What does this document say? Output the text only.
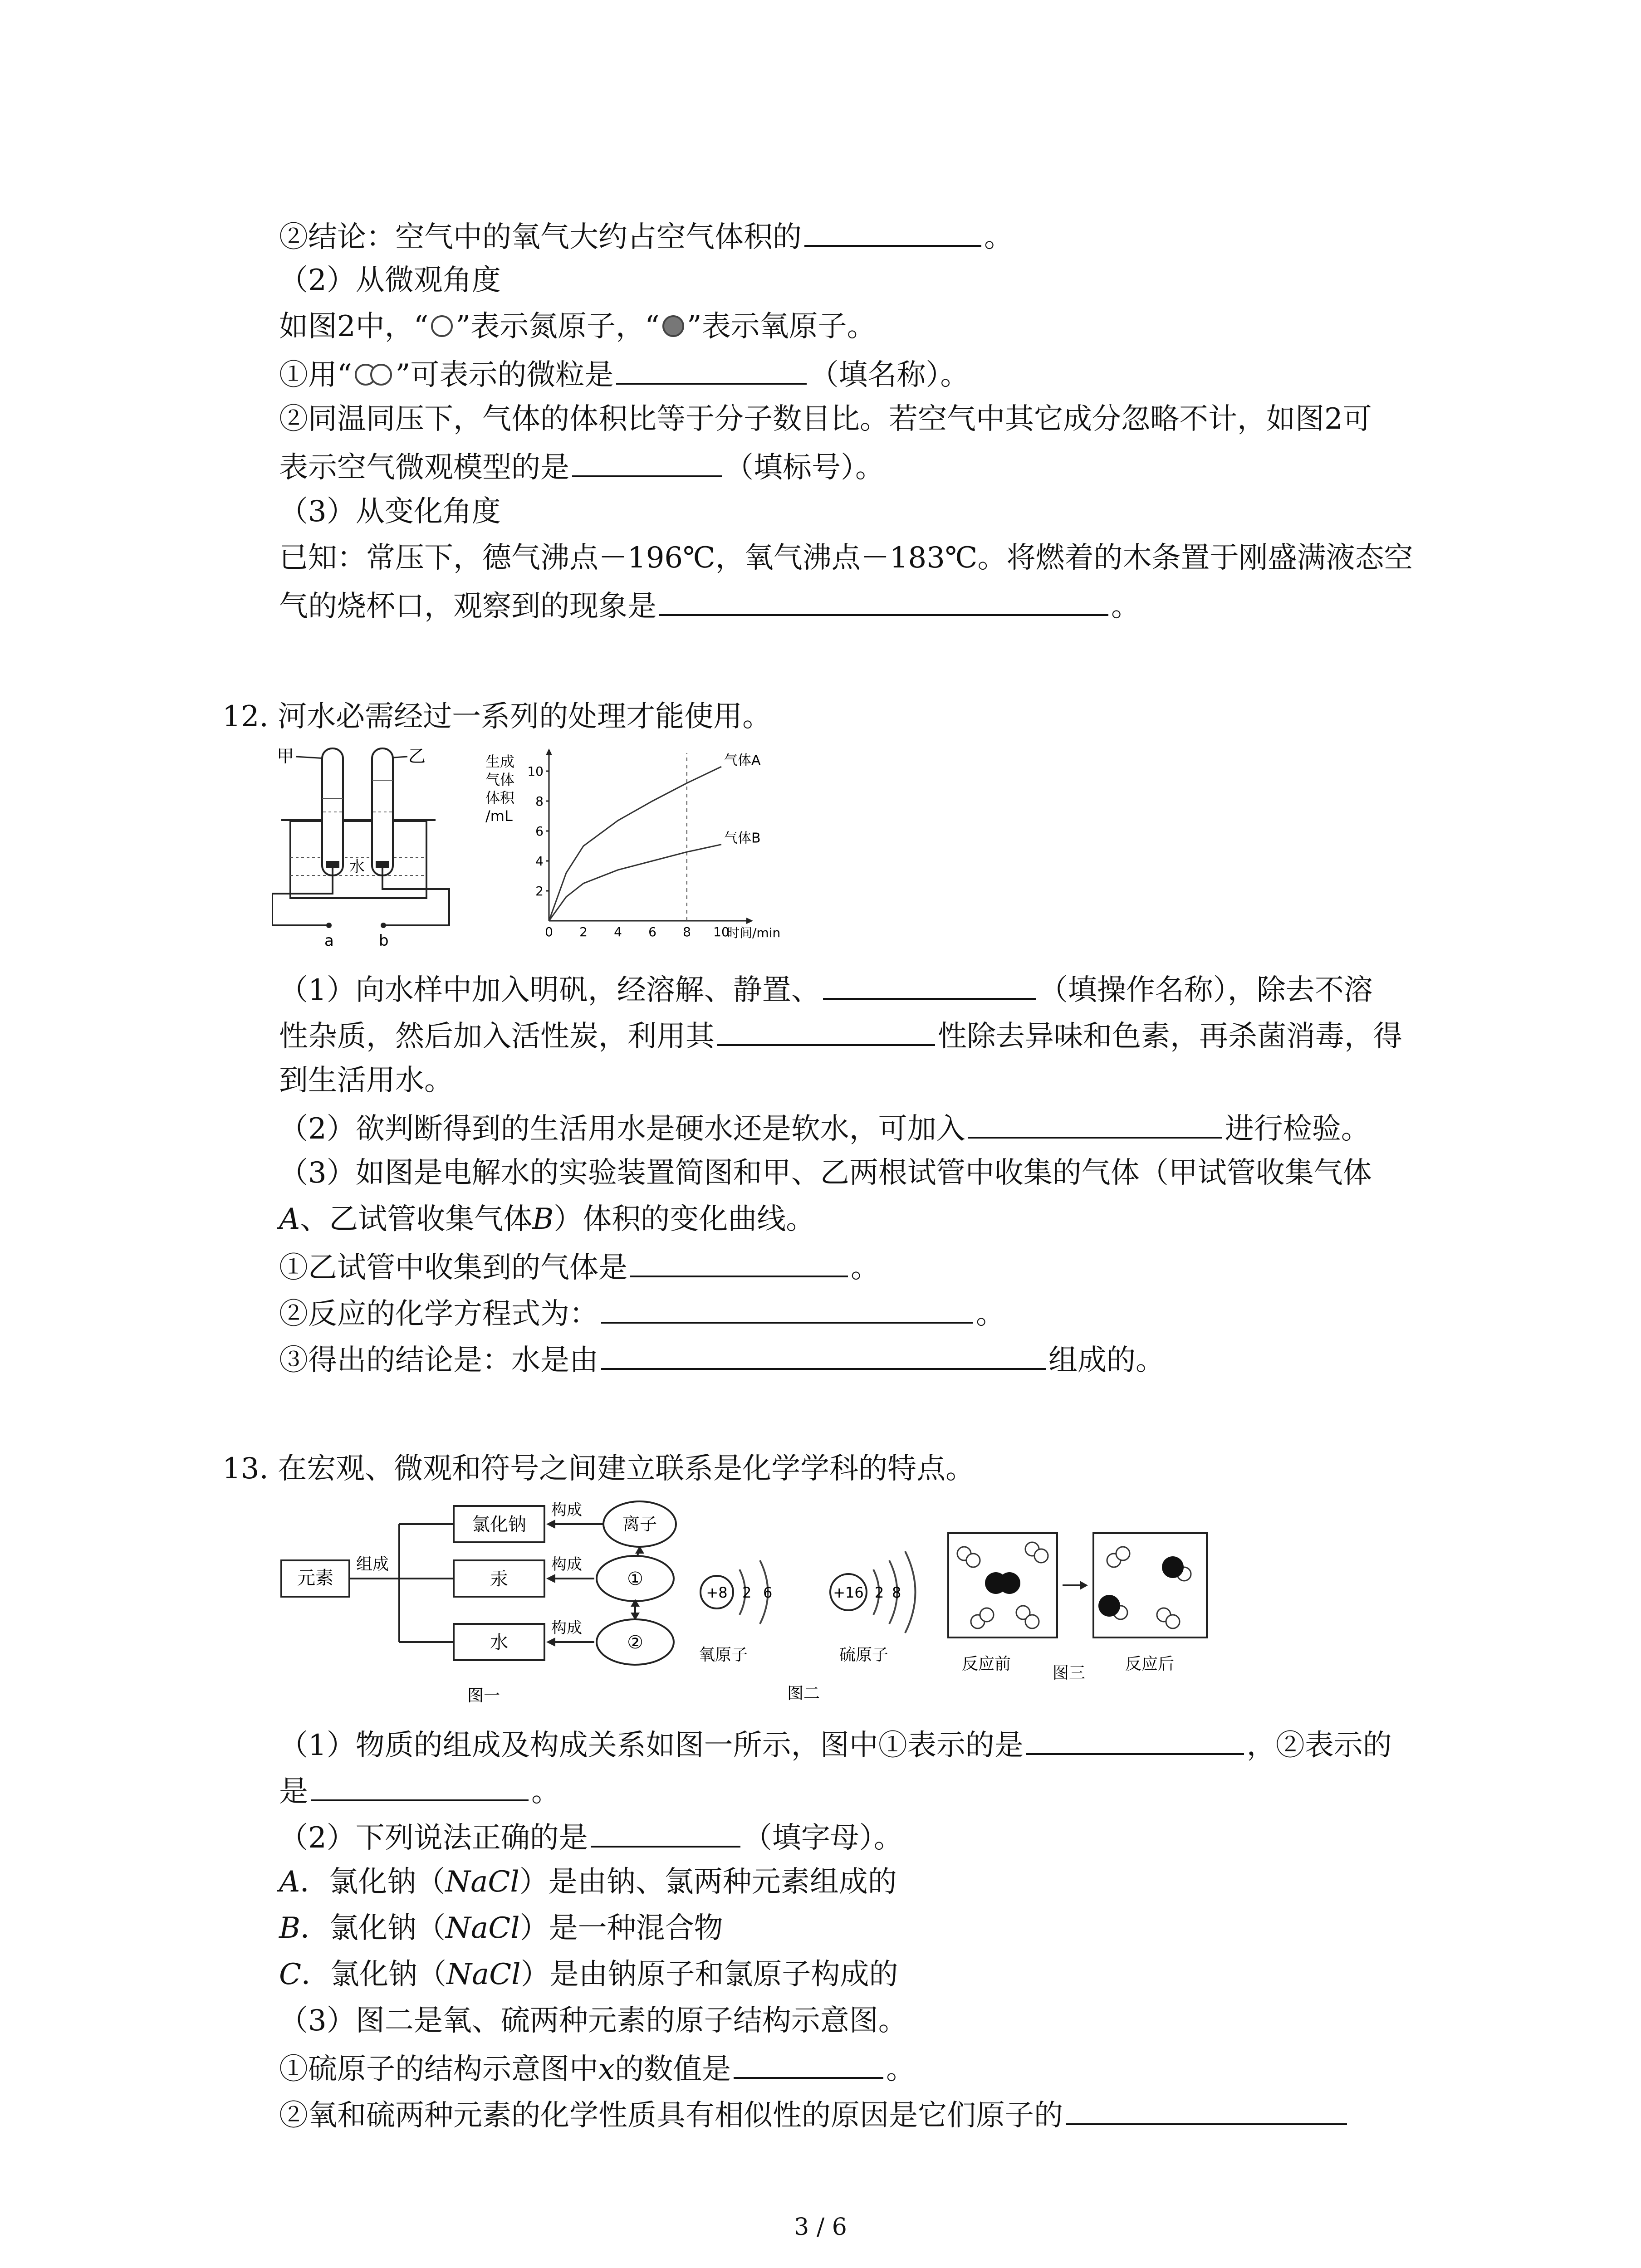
②结论：空气中的氧气大约占空气体积的	。
（2）从微观角度
如图2中，“ ”表示氮原子，“ ”表示氧原子。
①用“ ”可表示的微粒是	（填名称）。
②同温同压下，气体的体积比等于分子数目比。若空气中其它成分忽略不计，如图2可
表示空气微观模型的是	（填标号）。
（3）从变化角度
已知：常压下，德气沸点－196℃，氧气沸点－183℃。将燃着的木条置于刚盛满液态空
气的烧杯口，观察到的现象是	。
12. 河水必需经过一系列的处理才能使用。
甲	乙
水
a	b
生成
气体
体积
/mL
0 2 4 6 8 10
时间/min
2
4
6
8
10
气体A
气体B
（1）向水样中加入明矾，经溶解、静置、	（填操作名称），除去不溶
性杂质，然后加入活性炭，利用其	性除去异味和色素，再杀菌消毒，得
到生活用水。
（2）欲判断得到的生活用水是硬水还是软水，可加入	进行检验。
（3）如图是电解水的实验装置简图和甲、乙两根试管中收集的气体（甲试管收集气体
A、乙试管收集气体B）体积的变化曲线。
①乙试管中收集到的气体是	。
②反应的化学方程式为：	。
③得出的结论是：水是由	组成的。
13. 在宏观、微观和符号之间建立联系是化学学科的特点。
元素
组成
氯化钠
汞
水
构成
构成
构成
离子
①
②
图一
+8 2 6
氧原子
+16 2 8
硫原子
图二
反应前	图三 反应后
（1）物质的组成及构成关系如图一所示，图中①表示的是	，②表示的
是	。
（2）下列说法正确的是	（填字母）。
A．氯化钠（NaCl）是由钠、氯两种元素组成的
B．氯化钠（NaCl）是一种混合物
C．氯化钠（NaCl）是由钠原子和氯原子构成的
（3）图二是氧、硫两种元素的原子结构示意图。
①硫原子的结构示意图中x的数值是	。
②氧和硫两种元素的化学性质具有相似性的原因是它们原子的
3 / 6
